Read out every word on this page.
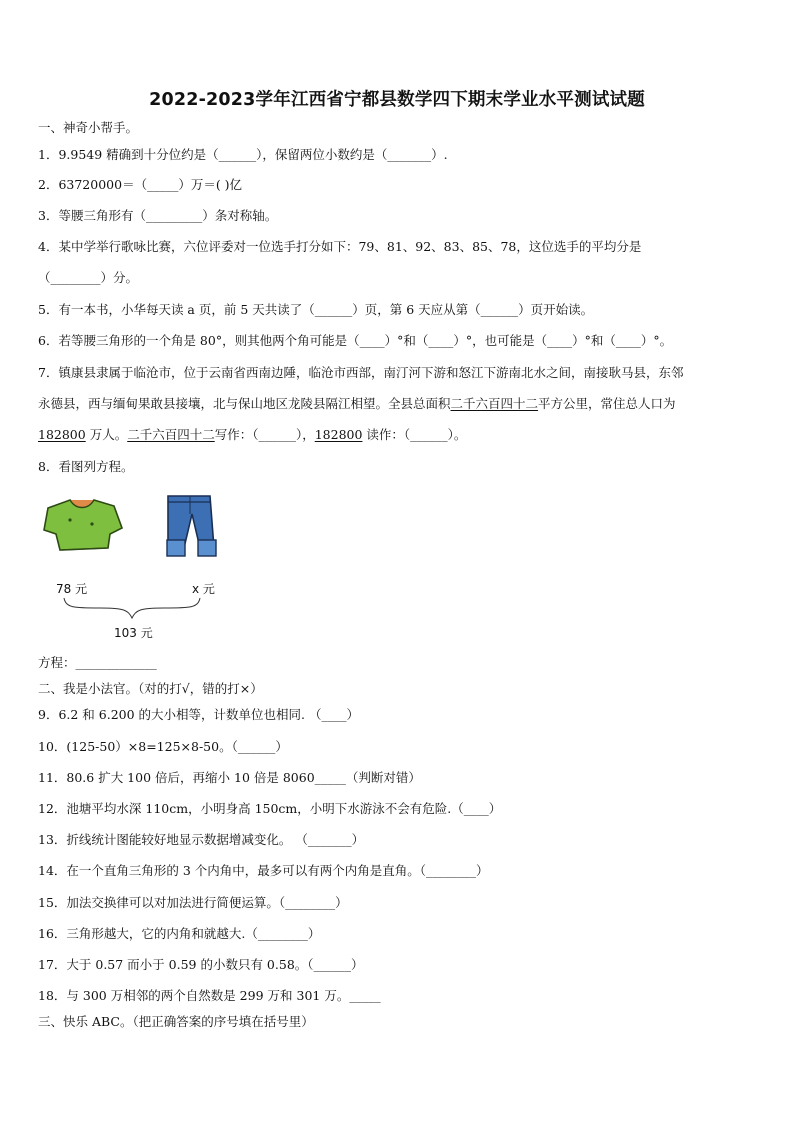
2022-2023学年江西省宁都县数学四下期末学业水平测试试题
一、神奇小帮手。
1．9.9549 精确到十分位约是（______），保留两位小数约是（_______）.
2．63720000＝（_____）万＝( )亿
3．等腰三角形有（_________）条对称轴。
4．某中学举行歌咏比赛，六位评委对一位选手打分如下：79、81、92、83、85、78，这位选手的平均分是
（________）分。
5．有一本书，小华每天读 a 页，前 5 天共读了（______）页，第 6 天应从第（______）页开始读。
6．若等腰三角形的一个角是 80°，则其他两个角可能是（____）°和（____）°，也可能是（____）°和（____）°。
7．镇康县隶属于临沧市，位于云南省西南边陲，临沧市西部，南汀河下游和怒江下游南北水之间，南接耿马县，东邻
永德县，西与缅甸果敢县接壤，北与保山地区龙陵县隔江相望。全县总面积二千六百四十二平方公里，常住总人口为
182800 万人。二千六百四十二写作：（______），182800 读作：（______）。
8．看图列方程。
78 元	x 元
103 元
方程：_____________
二、我是小法官。（对的打√，错的打×）
9．6.2 和 6.200 的大小相等，计数单位也相同. （____）
10．(125-50）×8=125×8-50。（______）
11．80.6 扩大 100 倍后，再缩小 10 倍是 8060_____（判断对错）
12．池塘平均水深 110cm，小明身高 150cm，小明下水游泳不会有危险.（____）
13．折线统计图能较好地显示数据增减变化。 （_______）
14．在一个直角三角形的 3 个内角中，最多可以有两个内角是直角。（________）
15．加法交换律可以对加法进行简便运算。（________）
16．三角形越大，它的内角和就越大.（________）
17．大于 0.57 而小于 0.59 的小数只有 0.58。（______）
18．与 300 万相邻的两个自然数是 299 万和 301 万。_____
三、快乐 ABC。（把正确答案的序号填在括号里）
